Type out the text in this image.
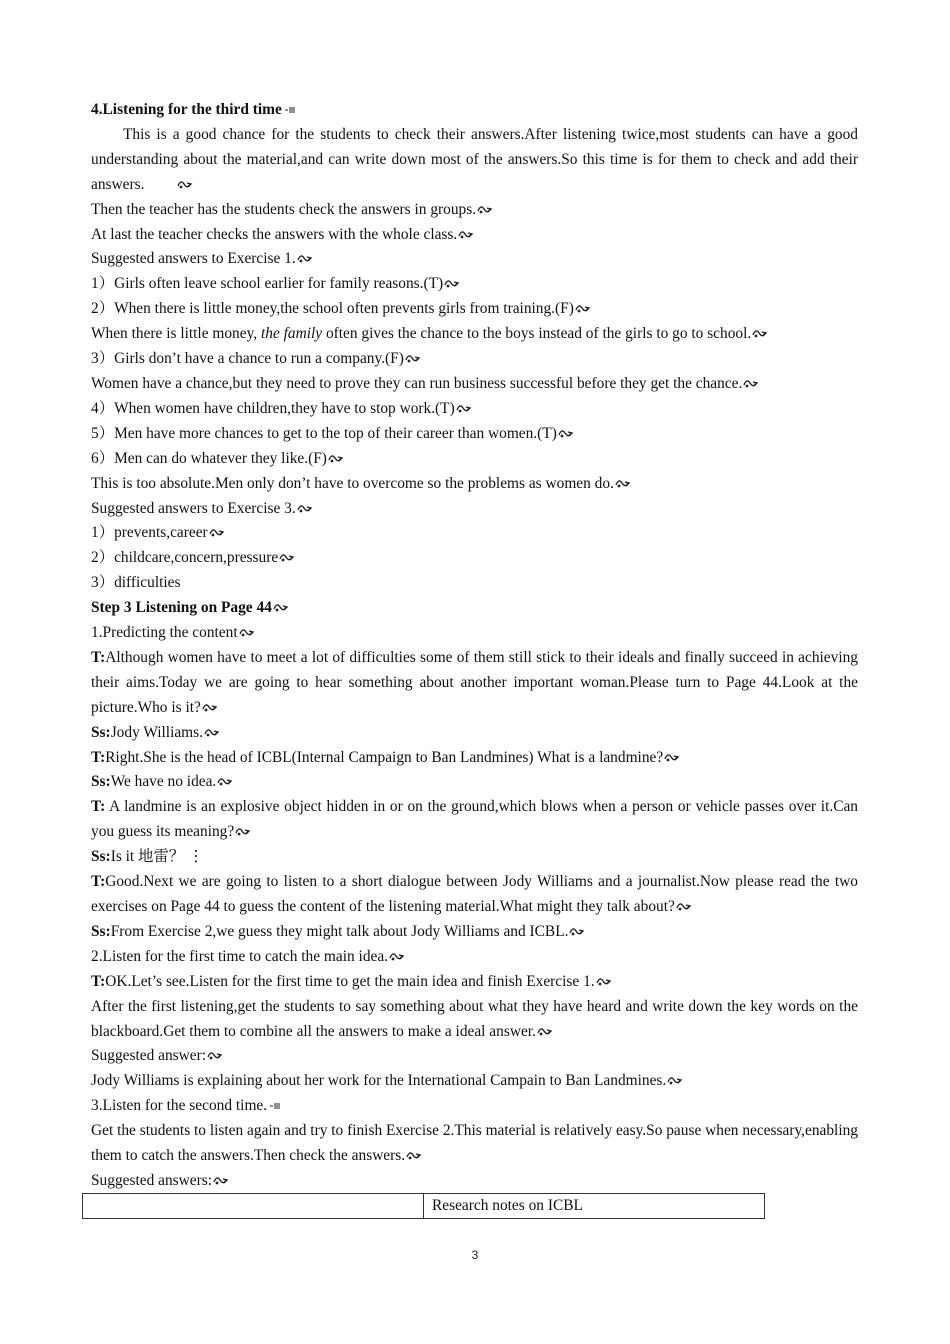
4.Listening for the third time

This is a good chance for the students to check their answers.After listening twice,most students can have a good understanding about the material,and can write down most of the answers.So this time is for them to check and add their answers.

Then the teacher has the students check the answers in groups.

At last the teacher checks the answers with the whole class.

Suggested answers to Exercise 1.

1）Girls often leave school earlier for family reasons.(T)

2）When there is little money,the school often prevents girls from training.(F)

When there is little money, the family often gives the chance to the boys instead of the girls to go to school.

3）Girls don’t have a chance to run a company.(F)

Women have a chance,but they need to prove they can run business successful before they get the chance.

4）When women have children,they have to stop work.(T)

5）Men have more chances to get to the top of their career than women.(T)

6）Men can do whatever they like.(F)

This is too absolute.Men only don’t have to overcome so the problems as women do.

Suggested answers to Exercise 3.

1）prevents,career

2）childcare,concern,pressure

3）difficulties

Step 3 Listening on Page 44

1.Predicting the content

T:Although women have to meet a lot of difficulties some of them still stick to their ideals and finally succeed in achieving their aims.Today we are going to hear something about another important woman.Please turn to Page 44.Look at the picture.Who is it?

Ss:Jody Williams.

T:Right.She is the head of ICBL(Internal Campaign to Ban Landmines) What is a landmine?

Ss:We have no idea.

T: A landmine is an explosive object hidden in or on the ground,which blows when a person or vehicle passes over it.Can you guess its meaning?

Ss:Is it 地雷？ ⋮

T:Good.Next we are going to listen to a short dialogue between Jody Williams and a journalist.Now please read the two exercises on Page 44 to guess the content of the listening material.What might they talk about?

Ss:From Exercise 2,we guess they might talk about Jody Williams and ICBL.

2.Listen for the first time to catch the main idea.

T:OK.Let’s see.Listen for the first time to get the main idea and finish Exercise 1.

After the first listening,get the students to say something about what they have heard and write down the key words on the blackboard.Get them to combine all the answers to make a ideal answer.

Suggested answer:

Jody Williams is explaining about her work for the International Campain to Ban Landmines.

3.Listen for the second time.

Get the students to listen again and try to finish Exercise 2.This material is relatively easy.So pause when necessary,enabling them to catch the answers.Then check the answers.

Suggested answers:

	Research notes on ICBL
3
